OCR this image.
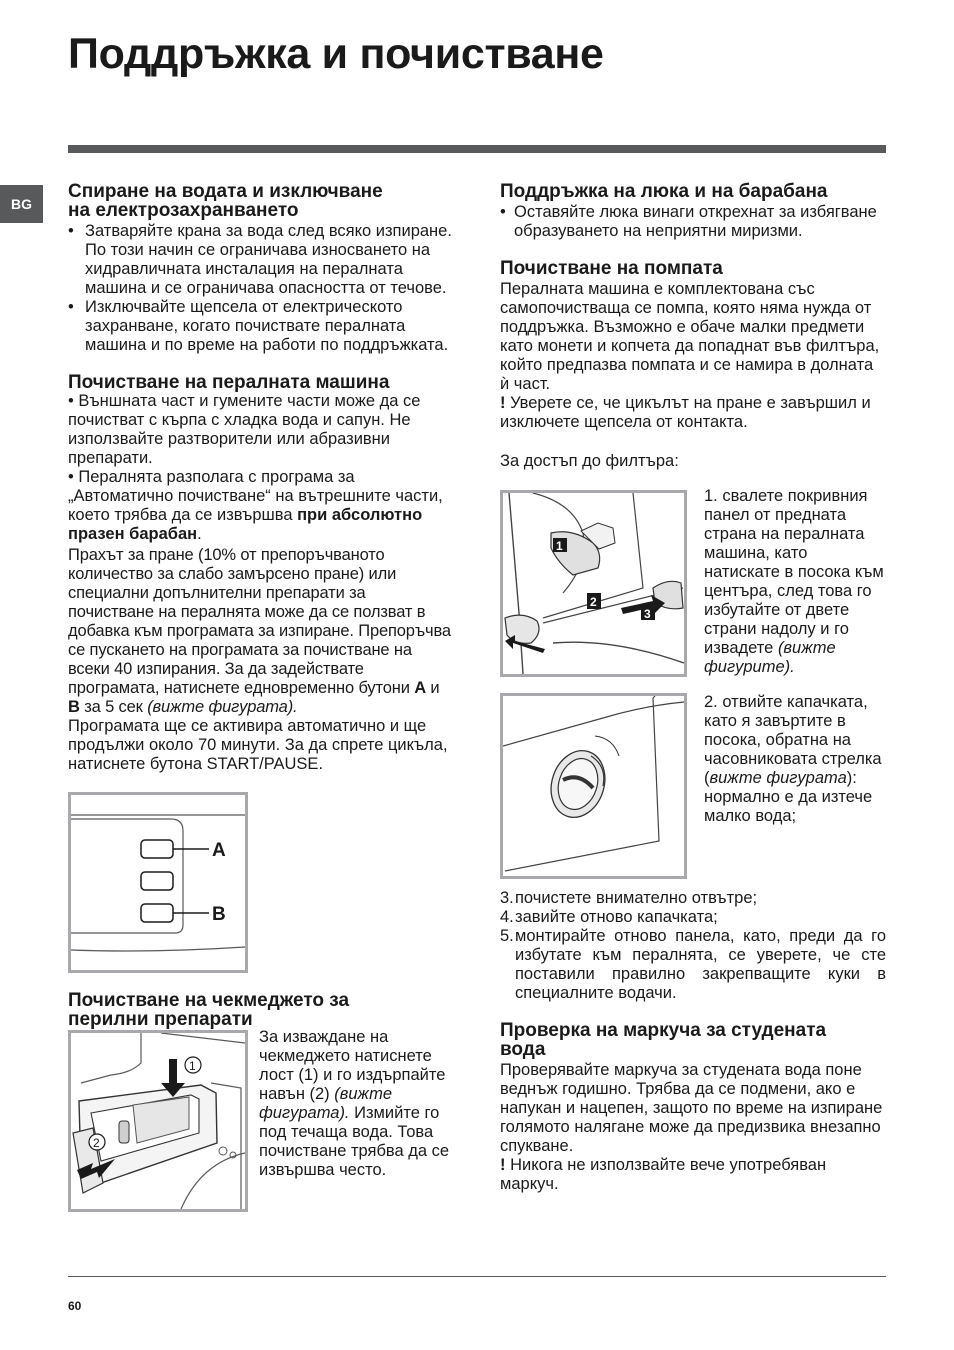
Поддръжка и почистване
BG
Спиране на водата и изключване
на електрозахранването
• Затваряйте крана за вода след всяко изпиране. По този начин се ограничава износването на хидравличната инсталация на пералната машина и се ограничава опасността от течове.
• Изключвайте щепсела от електрическото захранване, когато почиствате пералната машина и по време на работи по поддръжката.
Почистване на пералната машина

• Външната част и гумените части може да се почистват с кърпа с хладка вода и сапун. Не използвайте разтворители или абразивни препарати.

• Пералнята разполага с програма за „Автоматично почистване“ на вътрешните части, което трябва да се извършва при абсолютно празен барабан.

Прахът за пране (10% от препоръчваното количество за слабо замърсено пране) или специални допълнителни препарати за почистване на пералнята може да се ползват в добавка към програмата за изпиране. Препоръчва се пускането на програмата за почистване на всеки 40 изпирания. За да задействате програмата, натиснете едновременно бутони A и B за 5 сек (вижте фигурата).

Програмата ще се активира автоматично и ще продължи около 70 минути. За да спрете цикъла, натиснете бутона START/PAUSE.

A
B
Почистване на чекмеджето за
перилни препарати
1
2

За изваждане на чекмеджето натиснете лост (1) и го издърпайте навън (2) (вижте фигурата). Измийте го под течаща вода. Това почистване трябва да се извършва често.

Поддръжка на люка и на барабана
• Оставяйте люка винаги открехнат за избягване образуването на неприятни миризми.
Почистване на помпата

Пералната машина е комплектована със самопочистваща се помпа, която няма нужда от поддръжка. Възможно е обаче малки предмети като монети и копчета да попаднат във филтъра, който предпазва помпата и се намира в долната ѝ част.

! Уверете се, че цикълът на пране е завършил и изключете щепсела от контакта.

За достъп до филтъра:

1
2
3

1. свалете покривния панел от предната страна на пералната машина, като натискате в посока към центъра, след това го избутайте от двете страни надолу и го извадете (вижте фигурите).

2. отвийте капачката, като я завъртите в посока, обратна на часовниковата стрелка (вижте фигурата): нормално е да изтече малко вода;

3. почистете внимателно отвътре;
4. завийте отново капачката;
5. монтирайте отново панела, като, преди да го избутате към пералнята, се уверете, че сте поставили правилно закрепващите куки в специалните водачи.
Проверка на маркуча за студената
вода

Проверявайте маркуча за студената вода поне веднъж годишно. Трябва да се подмени, ако е напукан и нацепен, защото по време на изпиране голямото налягане може да предизвика внезапно спукване.

! Никога не използвайте вече употребяван маркуч.

60
